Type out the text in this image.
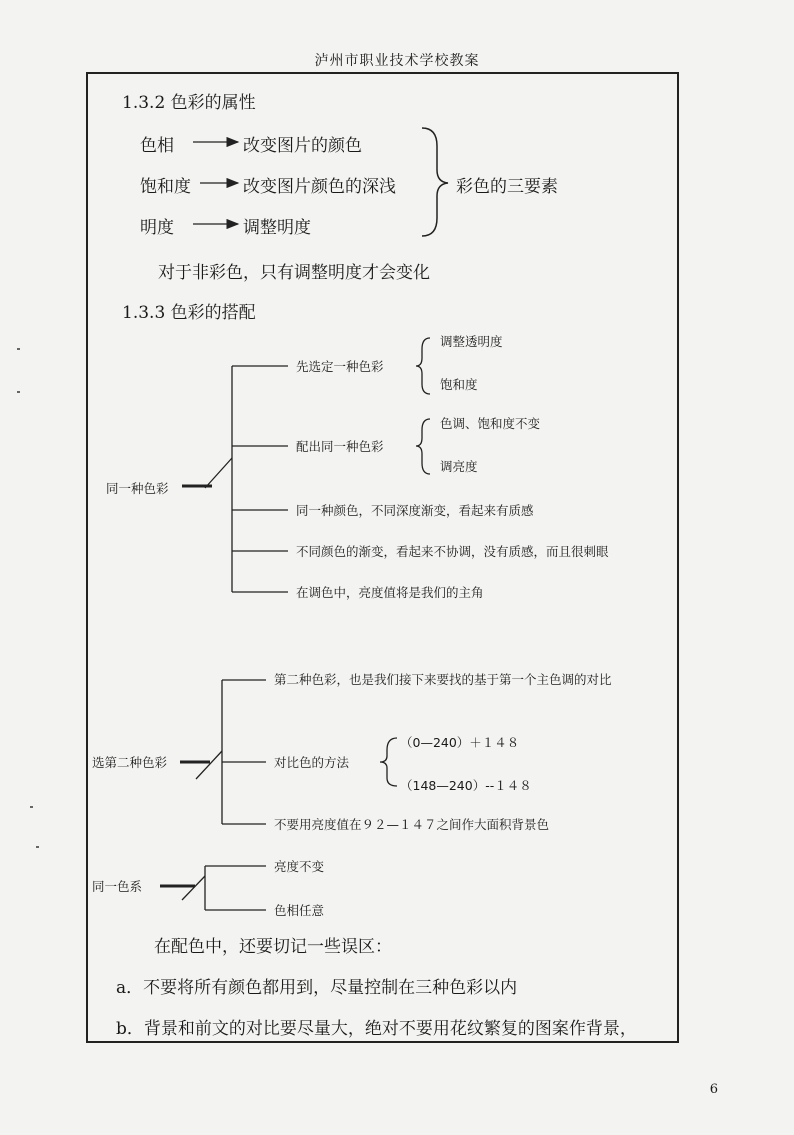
泸州市职业技术学校教案
1.3.2 色彩的属性
色相	改变图片的颜色
饱和度	改变图片颜色的深浅
明度	调整明度
彩色的三要素
对于非彩色，只有调整明度才会变化
1.3.3 色彩的搭配
同一种色彩
先选定一种色彩
调整透明度
饱和度
配出同一种色彩
色调、饱和度不变
调亮度
同一种颜色，不同深度渐变，看起来有质感
不同颜色的渐变，看起来不协调，没有质感，而且很刺眼
在调色中，亮度值将是我们的主角
选第二种色彩
第二种色彩，也是我们接下来要找的基于第一个主色调的对比
对比色的方法
（0—240）＋１４８
（148—240）--１４８
不要用亮度值在９２—１４７之间作大面积背景色
同一色系
亮度不变
色相任意
在配色中，还要切记一些误区：
a．不要将所有颜色都用到，尽量控制在三种色彩以内
b．背景和前文的对比要尽量大，绝对不要用花纹繁复的图案作背景，
6
